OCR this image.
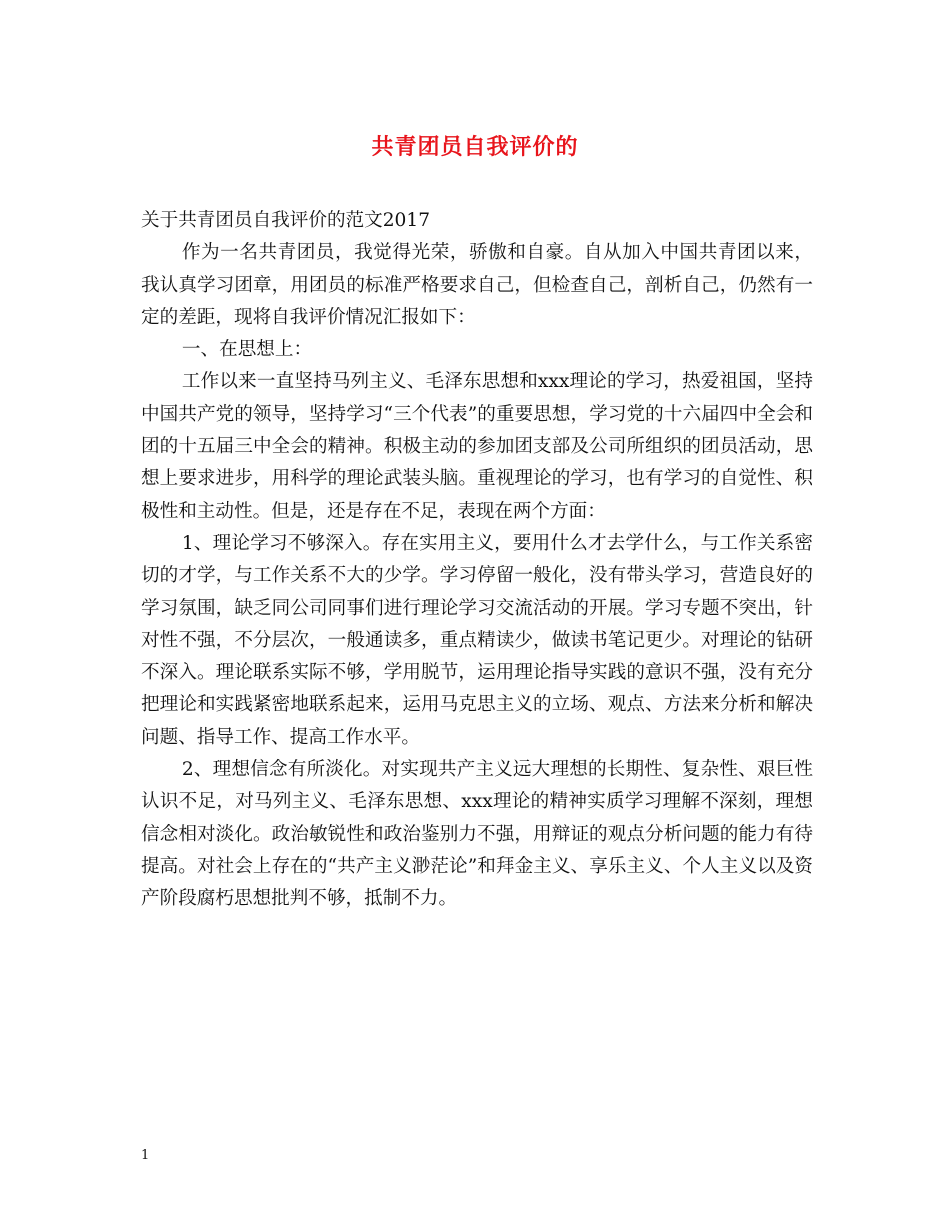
共青团员自我评价的

关于共青团员自我评价的范文2017

作为一名共青团员，我觉得光荣，骄傲和自豪。自从加入中国共青团以来，我认真学习团章，用团员的标准严格要求自己，但检查自己，剖析自己，仍然有一定的差距，现将自我评价情况汇报如下：

一、在思想上：

工作以来一直坚持马列主义、毛泽东思想和xxx理论的学习，热爱祖国，坚持中国共产党的领导，坚持学习“三个代表”的重要思想，学习党的十六届四中全会和团的十五届三中全会的精神。积极主动的参加团支部及公司所组织的团员活动，思想上要求进步，用科学的理论武装头脑。重视理论的学习，也有学习的自觉性、积极性和主动性。但是，还是存在不足，表现在两个方面：

1、理论学习不够深入。存在实用主义，要用什么才去学什么，与工作关系密切的才学，与工作关系不大的少学。学习停留一般化，没有带头学习，营造良好的学习氛围，缺乏同公司同事们进行理论学习交流活动的开展。学习专题不突出，针对性不强，不分层次，一般通读多，重点精读少，做读书笔记更少。对理论的钻研不深入。理论联系实际不够，学用脱节，运用理论指导实践的意识不强，没有充分把理论和实践紧密地联系起来，运用马克思主义的立场、观点、方法来分析和解决问题、指导工作、提高工作水平。

2、理想信念有所淡化。对实现共产主义远大理想的长期性、复杂性、艰巨性认识不足，对马列主义、毛泽东思想、xxx理论的精神实质学习理解不深刻，理想信念相对淡化。政治敏锐性和政治鉴别力不强，用辩证的观点分析问题的能力有待提高。对社会上存在的“共产主义渺茫论”和拜金主义、享乐主义、个人主义以及资产阶段腐朽思想批判不够，抵制不力。

1
